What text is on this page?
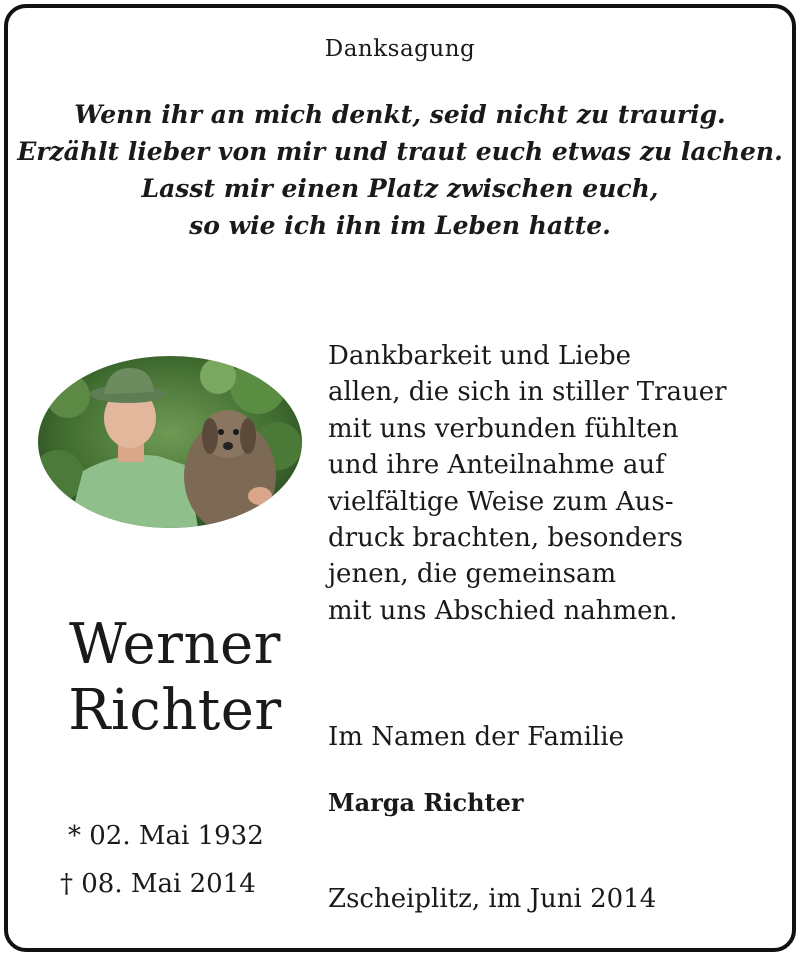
Danksagung
Wenn ihr an mich denkt, seid nicht zu traurig.
Erzählt lieber von mir und traut euch etwas zu lachen.
Lasst mir einen Platz zwischen euch,
so wie ich ihn im Leben hatte.
Werner
Richter
* 02. Mai 1932
† 08. Mai 2014
Dankbarkeit und Liebe
allen, die sich in stiller Trauer
mit uns verbunden fühlten
und ihre Anteilnahme auf
vielfältige Weise zum Aus-
druck brachten, besonders
jenen, die gemeinsam
mit uns Abschied nahmen.
Im Namen der Familie
Marga Richter
Zscheiplitz, im Juni 2014
